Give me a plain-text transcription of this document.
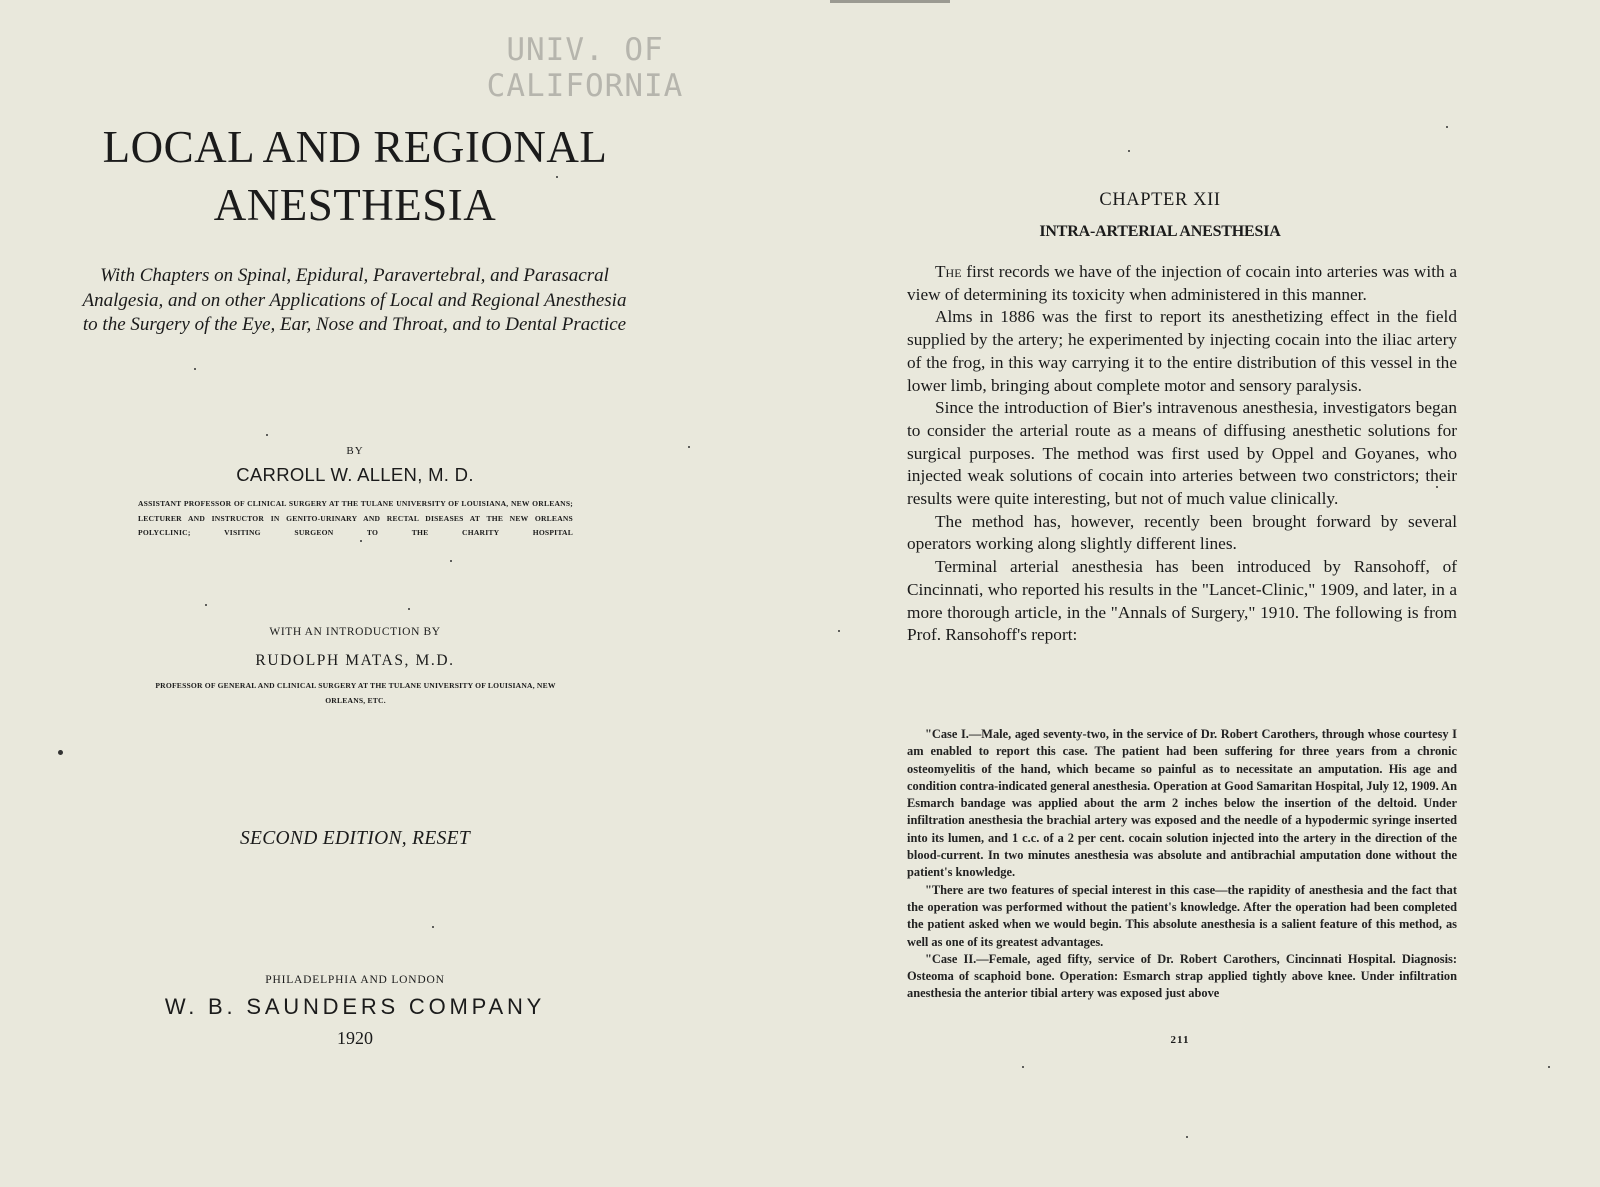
UNIV. OF
CALIFORNIA
LOCAL AND REGIONAL
ANESTHESIA

With Chapters on Spinal, Epidural, Paravertebral, and Parasacral Analgesia, and on other Applications of Local and Regional Anesthesia to the Surgery of the Eye, Ear, Nose and Throat, and to Dental Practice

BY
CARROLL W. ALLEN, M. D.
ASSISTANT PROFESSOR OF CLINICAL SURGERY AT THE TULANE UNIVERSITY OF LOUISIANA, NEW ORLEANS; LECTURER AND INSTRUCTOR IN GENITO-URINARY AND RECTAL DISEASES AT THE NEW ORLEANS POLYCLINIC; VISITING SURGEON TO THE CHARITY HOSPITAL
WITH AN INTRODUCTION BY
RUDOLPH MATAS, M.D.
PROFESSOR OF GENERAL AND CLINICAL SURGERY AT THE TULANE UNIVERSITY OF LOUISIANA, NEW ORLEANS, ETC.
SECOND EDITION, RESET
PHILADELPHIA AND LONDON
W. B. SAUNDERS COMPANY
1920
CHAPTER XII
INTRA-ARTERIAL ANESTHESIA

The first records we have of the injection of cocain into arteries was with a view of determining its toxicity when administered in this manner.

Alms in 1886 was the first to report its anesthetizing effect in the field supplied by the artery; he experimented by injecting cocain into the iliac artery of the frog, in this way carrying it to the entire distribution of this vessel in the lower limb, bringing about complete motor and sensory paralysis.

Since the introduction of Bier's intravenous anesthesia, investigators began to consider the arterial route as a means of diffusing anesthetic solutions for surgical purposes. The method was first used by Oppel and Goyanes, who injected weak solutions of cocain into arteries between two constrictors; their results were quite interesting, but not of much value clinically.

The method has, however, recently been brought forward by several operators working along slightly different lines.

Terminal arterial anesthesia has been introduced by Ransohoff, of Cincinnati, who reported his results in the "Lancet-Clinic," 1909, and later, in a more thorough article, in the "Annals of Surgery," 1910. The following is from Prof. Ransohoff's report:

"Case I.—Male, aged seventy-two, in the service of Dr. Robert Carothers, through whose courtesy I am enabled to report this case. The patient had been suffering for three years from a chronic osteomyelitis of the hand, which became so painful as to necessitate an amputation. His age and condition contra-indicated general anesthesia. Operation at Good Samaritan Hospital, July 12, 1909. An Esmarch bandage was applied about the arm 2 inches below the insertion of the deltoid. Under infiltration anesthesia the brachial artery was exposed and the needle of a hypodermic syringe inserted into its lumen, and 1 c.c. of a 2 per cent. cocain solution injected into the artery in the direction of the blood-current. In two minutes anesthesia was absolute and antibrachial amputation done without the patient's knowledge.

"There are two features of special interest in this case—the rapidity of anesthesia and the fact that the operation was performed without the patient's knowledge. After the operation had been completed the patient asked when we would begin. This absolute anesthesia is a salient feature of this method, as well as one of its greatest advantages.

"Case II.—Female, aged fifty, service of Dr. Robert Carothers, Cincinnati Hospital. Diagnosis: Osteoma of scaphoid bone. Operation: Esmarch strap applied tightly above knee. Under infiltration anesthesia the anterior tibial artery was exposed just above

211
